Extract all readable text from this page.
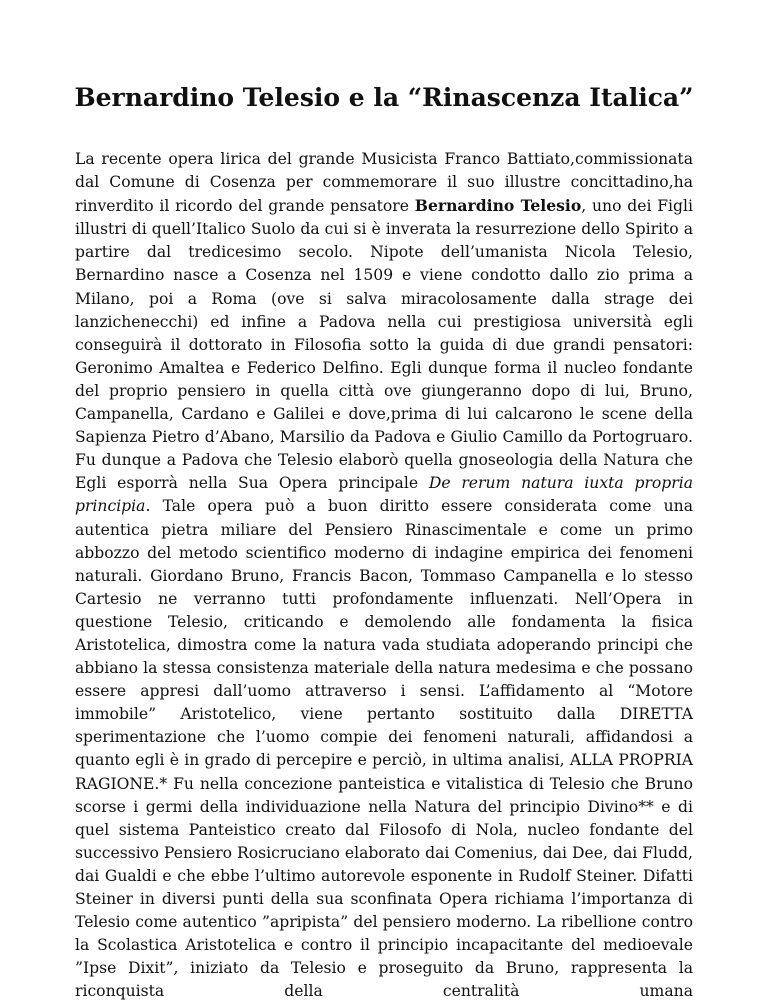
Bernardino Telesio e la “Rinascenza Italica”

La recente opera lirica del grande Musicista Franco Battiato,commissionata dal Comune di Cosenza per commemorare il suo illustre concittadino,ha rinverdito il ricordo del grande pensatore Bernardino Telesio, uno dei Figli illustri di quell’Italico Suolo da cui si è inverata la resurrezione dello Spirito a partire dal tredicesimo secolo. Nipote dell’umanista Nicola Telesio, Bernardino nasce a Cosenza nel 1509 e viene condotto dallo zio prima a Milano, poi a Roma (ove si salva miracolosamente dalla strage dei lanzichenecchi) ed infine a Padova nella cui prestigiosa università egli conseguirà il dottorato in Filosofia sotto la guida di due grandi pensatori: Geronimo Amaltea e Federico Delfino. Egli dunque forma il nucleo fondante del proprio pensiero in quella città ove giungeranno dopo di lui, Bruno, Campanella, Cardano e Galilei e dove,prima di lui calcarono le scene della Sapienza Pietro d’Abano, Marsilio da Padova e Giulio Camillo da Portogruaro. Fu dunque a Padova che Telesio elaborò quella gnoseologia della Natura che Egli esporrà nella Sua Opera principale De rerum natura iuxta propria principia. Tale opera può a buon diritto essere considerata come una autentica pietra miliare del Pensiero Rinascimentale e come un primo abbozzo del metodo scientifico moderno di indagine empirica dei fenomeni naturali. Giordano Bruno, Francis Bacon, Tommaso Campanella e lo stesso Cartesio ne verranno tutti profondamente influenzati. Nell’Opera in questione Telesio, criticando e demolendo alle fondamenta la fisica Aristotelica, dimostra come la natura vada studiata adoperando principi che abbiano la stessa consistenza materiale della natura medesima e che possano essere appresi dall’uomo attraverso i sensi. L’affidamento al “Motore immobile” Aristotelico, viene pertanto sostituito dalla DIRETTA sperimentazione che l’uomo compie dei fenomeni naturali, affidandosi a quanto egli è in grado di percepire e perciò, in ultima analisi, ALLA PROPRIA RAGIONE.* Fu nella concezione panteistica e vitalistica di Telesio che Bruno scorse i germi della individuazione nella Natura del principio Divino** e di quel sistema Panteistico creato dal Filosofo di Nola, nucleo fondante del successivo Pensiero Rosicruciano elaborato dai Comenius, dai Dee, dai Fludd, dai Gualdi e che ebbe l’ultimo autorevole esponente in Rudolf Steiner. Difatti Steiner in diversi punti della sua sconfinata Opera richiama l’importanza di Telesio come autentico ”apripista” del pensiero moderno. La ribellione contro la Scolastica Aristotelica e contro il principio incapacitante del medioevale ”Ipse Dixit”, iniziato da Telesio e proseguito da Bruno, rappresenta la riconquista della centralità umana
